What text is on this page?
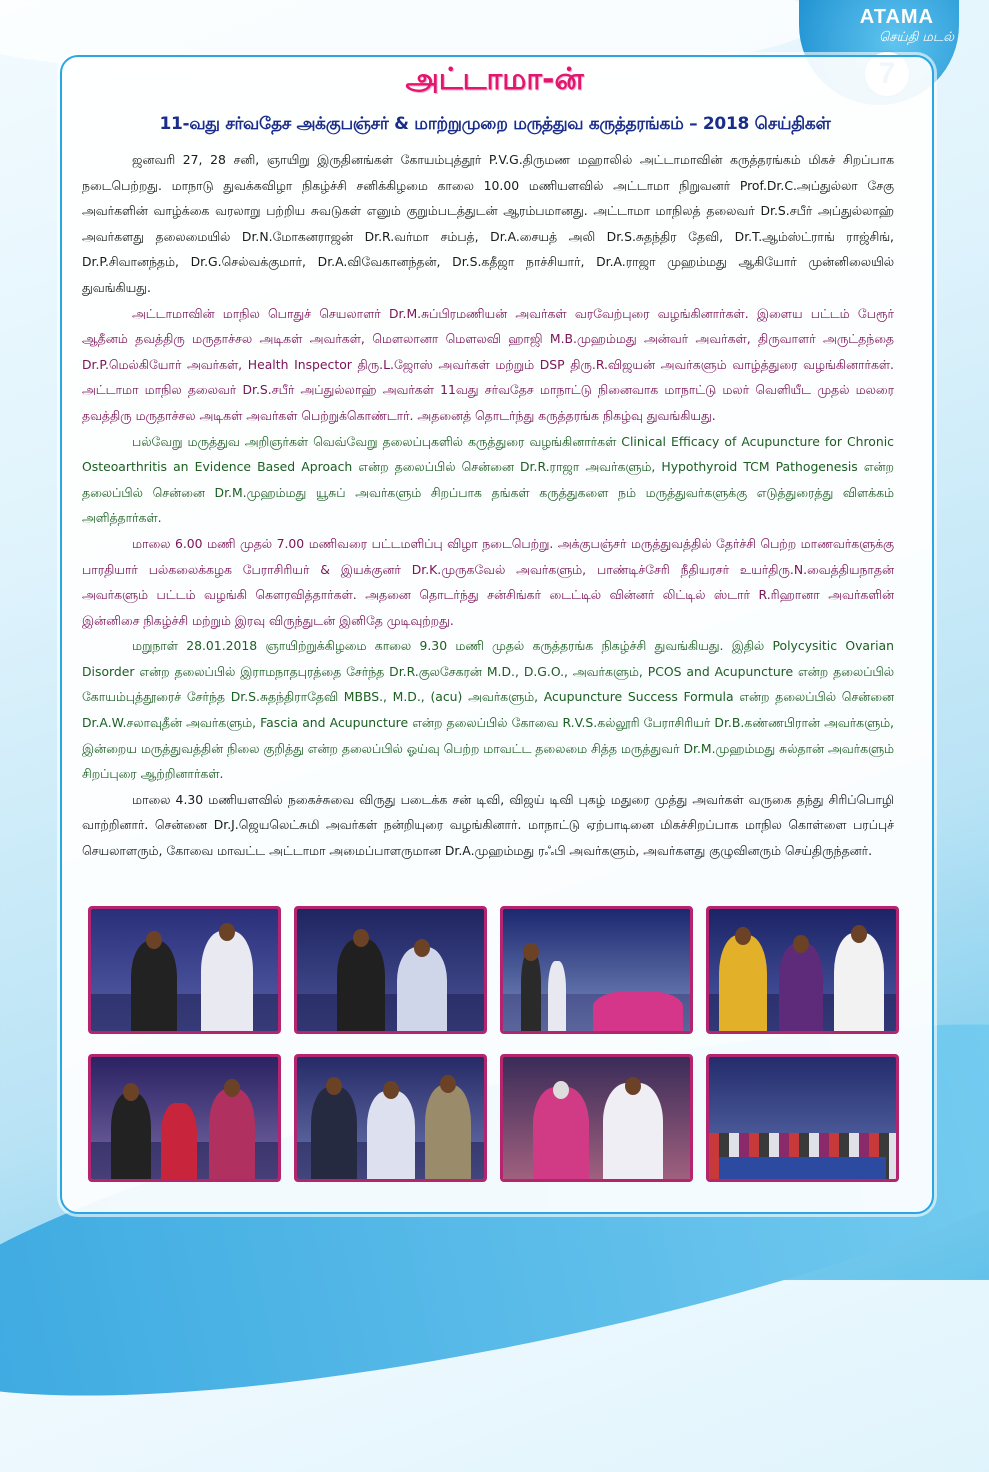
ATAMA
செய்தி மடல்
அட்டாமா-ன்
11-வது சர்வதேச அக்குபஞ்சர் & மாற்றுமுறை மருத்துவ கருத்தரங்கம் – 2018 செய்திகள்

ஜனவரி 27, 28 சனி, ஞாயிறு இருதினங்கள் கோயம்புத்தூர் P.V.G.திருமண மஹாலில் அட்டாமாவின் கருத்தரங்கம் மிகச் சிறப்பாக நடைபெற்றது. மாநாடு துவக்கவிழா நிகழ்ச்சி சனிக்கிழமை காலை 10.00 மணியளவில் அட்டாமா நிறுவனர் Prof.Dr.C.அப்துல்லா சேகு அவர்களின் வாழ்க்கை வரலாறு பற்றிய சுவடுகள் எனும் குறும்படத்துடன் ஆரம்பமானது. அட்டாமா மாநிலத் தலைவர் Dr.S.சபீர் அப்துல்லாஹ் அவர்களது தலைமையில் Dr.N.மோகனராஜன் Dr.R.வர்மா சம்பத், Dr.A.சையத் அலி Dr.S.சுதந்திர தேவி, Dr.T.ஆம்ஸ்ட்ராங் ராஜ்சிங், Dr.P.சிவானந்தம், Dr.G.செல்வக்குமார், Dr.A.விவேகானந்தன், Dr.S.கதீஜா நாச்சியார், Dr.A.ராஜா முஹம்மது ஆகியோர் முன்னிலையில் துவங்கியது.

அட்டாமாவின் மாநில பொதுச் செயலாளர் Dr.M.சுப்பிரமணியன் அவர்கள் வரவேற்புரை வழங்கினார்கள். இளைய பட்டம் பேரூர் ஆதீனம் தவத்திரு மருதாச்சல அடிகள் அவர்கள், மௌலானா மௌலவி ஹாஜி M.B.முஹம்மது அன்வர் அவர்கள், திருவாளர் அருட்தந்தை Dr.P.மெல்கியோர் அவர்கள், Health Inspector திரு.L.ஜோஸ் அவர்கள் மற்றும் DSP திரு.R.விஜயன் அவர்களும் வாழ்த்துரை வழங்கினார்கள். அட்டாமா மாநில தலைவர் Dr.S.சபீர் அப்துல்லாஹ் அவர்கள் 11வது சர்வதேச மாநாட்டு நினைவாக மாநாட்டு மலர் வெளியீட முதல் மலரை தவத்திரு மருதாச்சல அடிகள் அவர்கள் பெற்றுக்கொண்டார். அதனைத் தொடர்ந்து கருத்தரங்க நிகழ்வு துவங்கியது.

பல்வேறு மருத்துவ அறிஞர்கள் வெவ்வேறு தலைப்புகளில் கருத்துரை வழங்கினார்கள் Clinical Efficacy of Acupuncture for Chronic Osteoarthritis an Evidence Based Aproach என்ற தலைப்பில் சென்னை Dr.R.ராஜா அவர்களும், Hypothyroid TCM Pathogenesis என்ற தலைப்பில் சென்னை Dr.M.முஹம்மது யூசுப் அவர்களும் சிறப்பாக தங்கள் கருத்துகளை நம் மருத்துவர்களுக்கு எடுத்துரைத்து விளக்கம் அளித்தார்கள்.

மாலை 6.00 மணி முதல் 7.00 மணிவரை பட்டமளிப்பு விழா நடைபெற்று. அக்குபஞ்சர் மருத்துவத்தில் தேர்ச்சி பெற்ற மாணவர்களுக்கு பாரதியார் பல்கலைக்கழக பேராசிரியர் & இயக்குனர் Dr.K.முருகவேல் அவர்களும், பாண்டிச்சேரி நீதியரசர் உயர்திரு.N.வைத்தியநாதன் அவர்களும் பட்டம் வழங்கி கௌரவித்தார்கள். அதனை தொடர்ந்து சன்சிங்கர் டைட்டில் வின்னர் லிட்டில் ஸ்டார் R.ரிஹானா அவர்களின் இன்னிசை நிகழ்ச்சி மற்றும் இரவு விருந்துடன் இனிதே முடிவுற்றது.

மறுநாள் 28.01.2018 ஞாயிற்றுக்கிழமை காலை 9.30 மணி முதல் கருத்தரங்க நிகழ்ச்சி துவங்கியது. இதில் Polycysitic Ovarian Disorder என்ற தலைப்பில் இராமநாதபுரத்தை சேர்ந்த Dr.R.குலசேகரன் M.D., D.G.O., அவர்களும், PCOS and Acupuncture என்ற தலைப்பில் கோயம்புத்தூரைச் சேர்ந்த Dr.S.சுதந்திராதேவி MBBS., M.D., (acu) அவர்களும், Acupuncture Success Formula என்ற தலைப்பில் சென்னை Dr.A.W.சலாவுதீன் அவர்களும், Fascia and Acupuncture என்ற தலைப்பில் கோவை R.V.S.கல்லூரி பேராசிரியர் Dr.B.கண்ணபிரான் அவர்களும், இன்றைய மருத்துவத்தின் நிலை குறித்து என்ற தலைப்பில் ஓய்வு பெற்ற மாவட்ட தலைமை சித்த மருத்துவர் Dr.M.முஹம்மது சுல்தான் அவர்களும் சிறப்புரை ஆற்றினார்கள்.

மாலை 4.30 மணியளவில் நகைச்சுவை விருது படைக்க சன் டிவி, விஜய் டிவி புகழ் மதுரை முத்து அவர்கள் வருகை தந்து சிரிப்பொழி வாற்றினார். சென்னை Dr.J.ஜெயலெட்சுமி அவர்கள் நன்றியுரை வழங்கினார். மாநாட்டு ஏற்பாடினை மிகச்சிறப்பாக மாநில கொள்ளை பரப்புச் செயலாளரும், கோவை மாவட்ட அட்டாமா அமைப்பாளருமான Dr.A.முஹம்மது ரஃபி அவர்களும், அவர்களது குழுவினரும் செய்திருந்தனர்.
